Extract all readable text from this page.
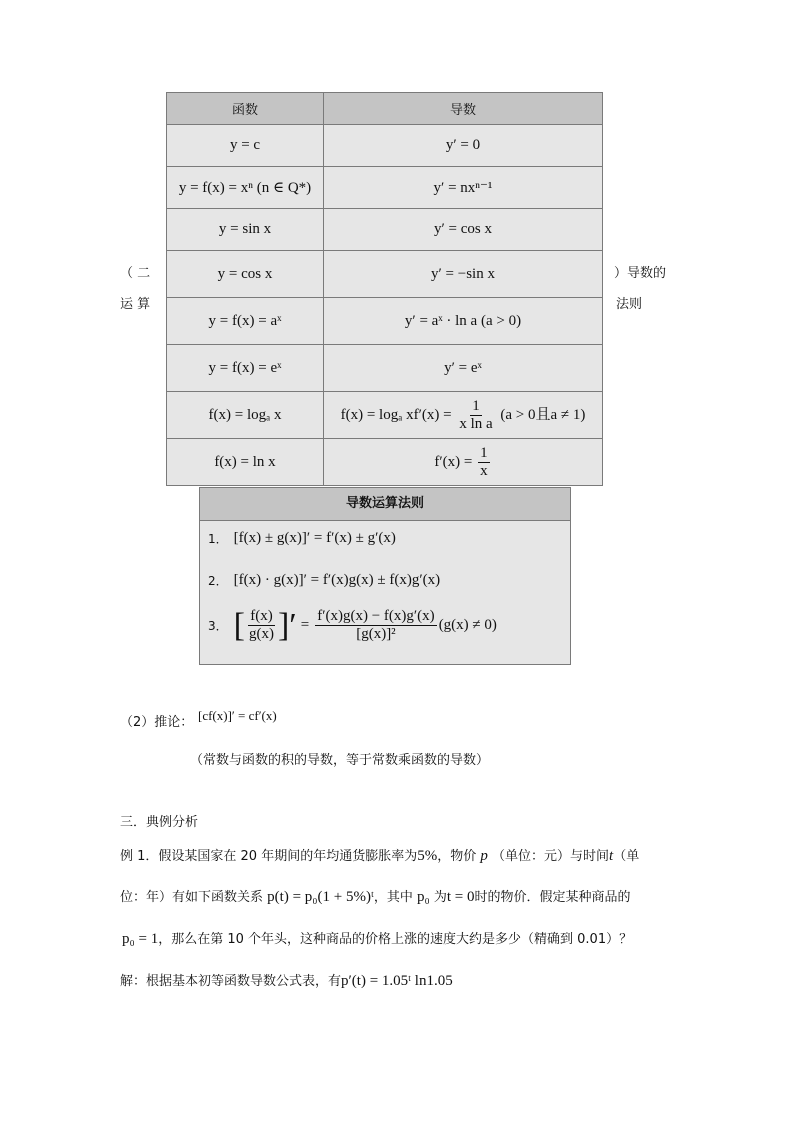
（ 二
运 算
）导数的
法则
函数	导数
y = c	y′ = 0
y = f(x) = xⁿ (n ∈ Q*)	y′ = nxⁿ⁻¹
y = sin x	y′ = cos x
y = cos x	y′ = −sin x
y = f(x) = aˣ	y′ = aˣ · ln a (a > 0)
y = f(x) = eˣ	y′ = eˣ
f(x) = logₐ x	f(x) = logₐ $xf'(x) = \frac{1}{\text{x ln a}} (a > 0$且a ≠ 1)
f(x) = ln x	$f'(x) = \frac{1}{x}$
导数运算法则
1． [f(x) ± g(x)]′ = f′(x) ± g′(x)
2． [f(x) · g(x)]′ = f′(x)g(x) ± f(x)g′(x)
3． [ $\frac{f(x)}{g(x)}$ ]′ = $\frac{f'(x)g(x) - f(x)g'(x)}{\text{[g(x)]²}} (g(x) \ne 0)$
（2）推论： [cf(x)]′ = cf′(x)
（常数与函数的积的导数，等于常数乘函数的导数）
三．典例分析
例 1．假设某国家在 20 年期间的年均通货膨胀率为5%，物价 p （单位：元）与时间t（单
位：年）有如下函数关系 p(t) = p₀(1 + 5%)ᵗ，其中 p₀ 为t = 0时的物价．假定某种商品的
p₀ = 1，那么在第 10 个年头，这种商品的价格上涨的速度大约是多少（精确到 0.01）？
解：根据基本初等函数导数公式表，有p′(t) = 1.05ᵗ ln1.05
